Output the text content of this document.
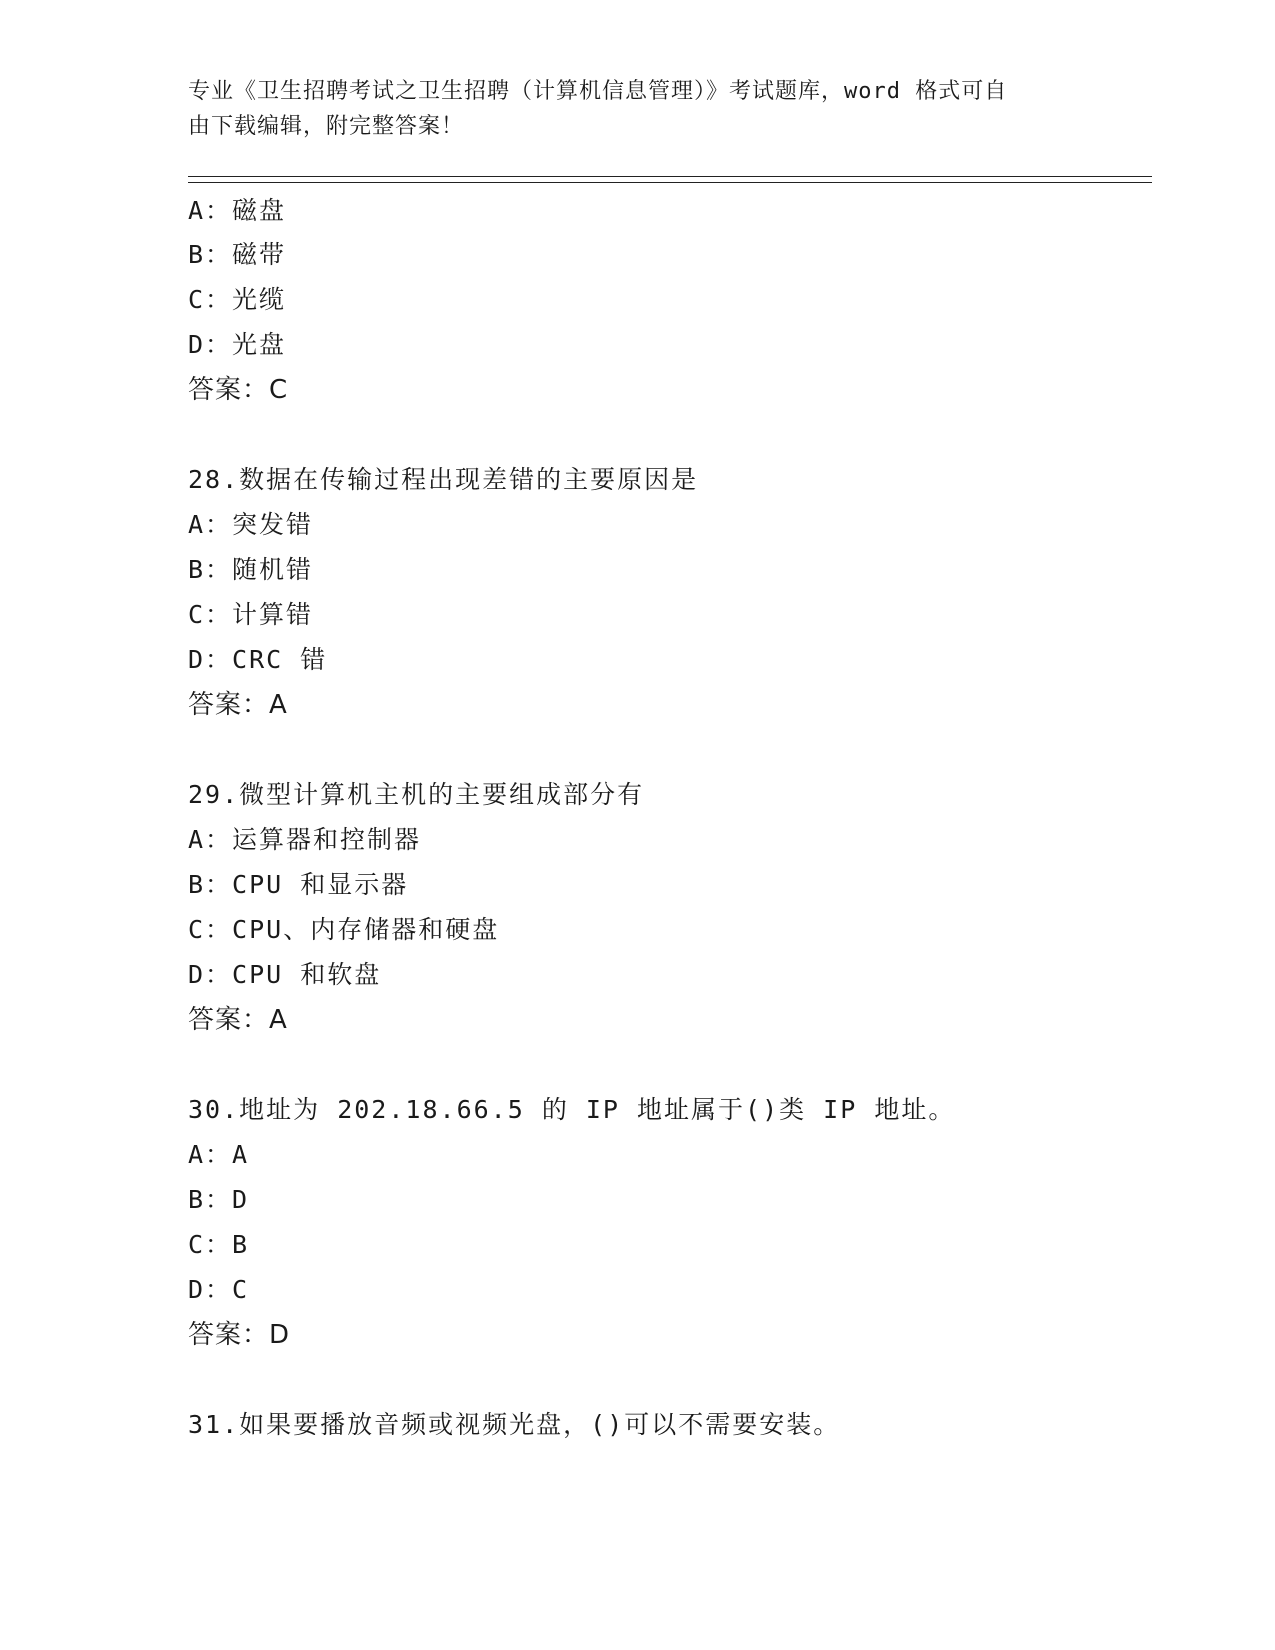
专业《卫生招聘考试之卫生招聘（计算机信息管理）》考试题库，word 格式可自
由下载编辑，附完整答案！
A：磁盘
B：磁带
C：光缆
D：光盘
答案：C
28.数据在传输过程出现差错的主要原因是
A：突发错
B：随机错
C：计算错
D：CRC 错
答案：A
29.微型计算机主机的主要组成部分有
A：运算器和控制器
B：CPU 和显示器
C：CPU、内存储器和硬盘
D：CPU 和软盘
答案：A
30.地址为 202.18.66.5 的 IP 地址属于()类 IP 地址。
A：A
B：D
C：B
D：C
答案：D
31.如果要播放音频或视频光盘，()可以不需要安装。
